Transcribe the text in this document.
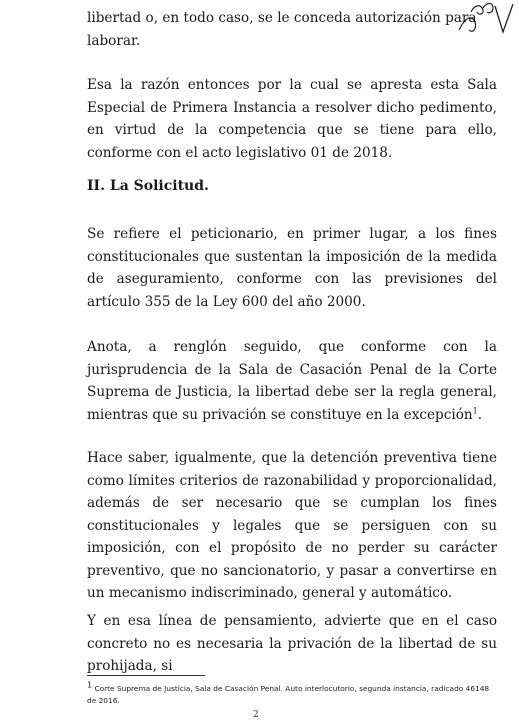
libertad o, en todo caso, se le conceda autorización para laborar.

Esa la razón entonces por la cual se apresta esta Sala Especial de Primera Instancia a resolver dicho pedimento, en virtud de la competencia que se tiene para ello, conforme con el acto legislativo 01 de 2018.

II. La Solicitud.

Se refiere el peticionario, en primer lugar, a los fines constitucionales que sustentan la imposición de la medida de aseguramiento, conforme con las previsiones del artículo 355 de la Ley 600 del año 2000.

Anota, a renglón seguido, que conforme con la jurisprudencia de la Sala de Casación Penal de la Corte Suprema de Justicia, la libertad debe ser la regla general, mientras que su privación se constituye en la excepción$^1$.

Hace saber, igualmente, que la detención preventiva tiene como límites criterios de razonabilidad y proporcionalidad, además de ser necesario que se cumplan los fines constitucionales y legales que se persiguen con su imposición, con el propósito de no perder su carácter preventivo, que no sancionatorio, y pasar a convertirse en un mecanismo indiscriminado, general y automático.

Y en esa línea de pensamiento, advierte que en el caso concreto no es necesaria la privación de la libertad de su prohijada, si

$^1$ Corte Suprema de Justicia, Sala de Casación Penal. Auto interlocutorio, segunda instancia, radicado 46148 de 2016.

2
